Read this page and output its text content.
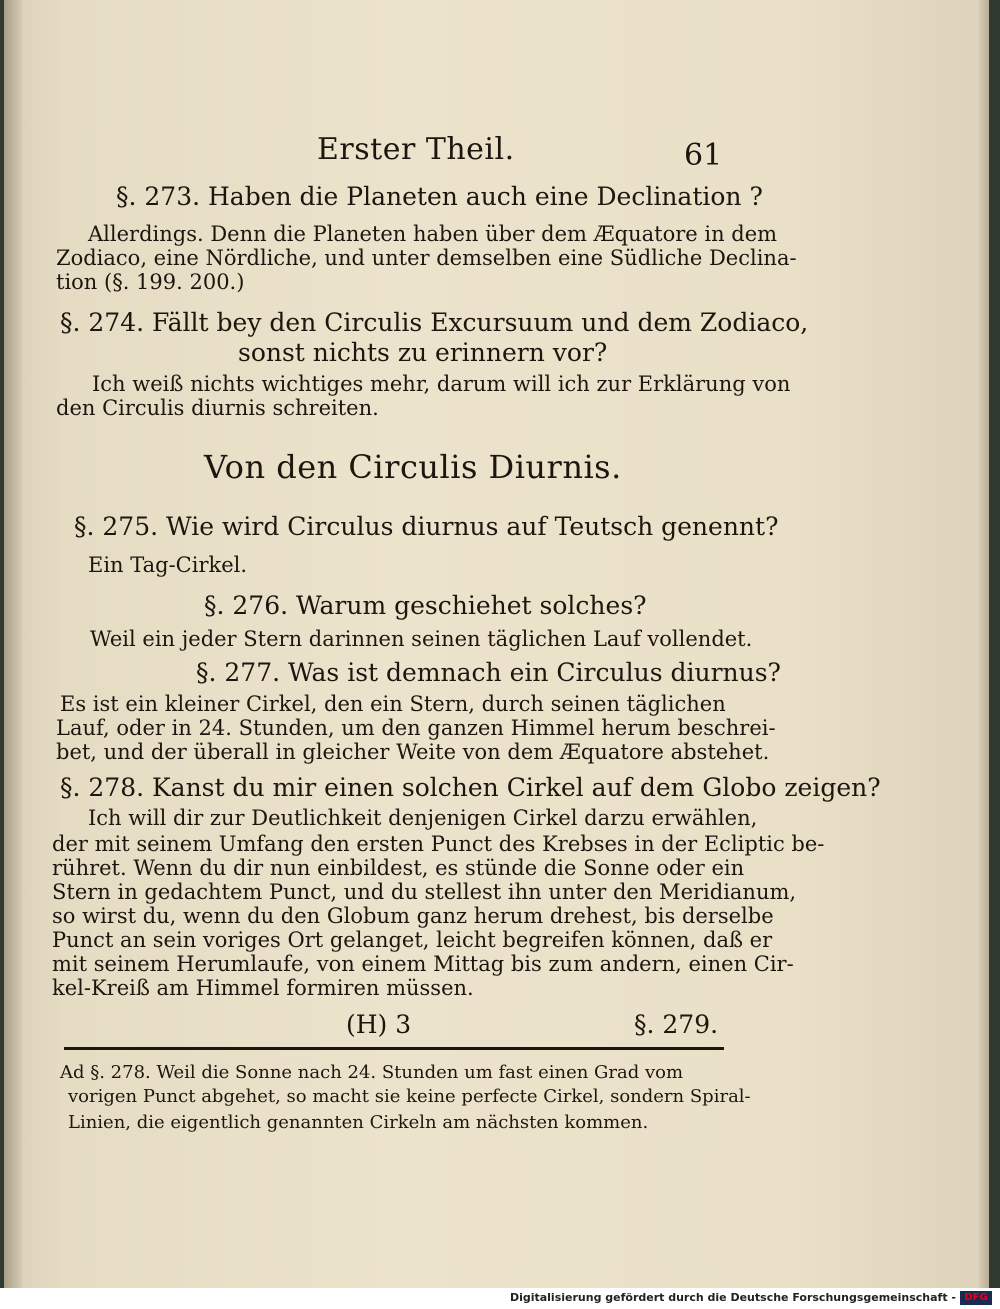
Erster Theil.	61
§. 273. Haben die Planeten auch eine Declination ?
Allerdings. Denn die Planeten haben über dem Æquatore in dem
Zodiaco, eine Nördliche, und unter demselben eine Südliche Declina-
tion (§. 199. 200.)
§. 274. Fällt bey den Circulis Excursuum und dem Zodiaco,
sonst nichts zu erinnern vor?
Ich weiß nichts wichtiges mehr, darum will ich zur Erklärung von
den Circulis diurnis schreiten.
Von den Circulis Diurnis.
§. 275. Wie wird Circulus diurnus auf Teutsch genennt?
Ein Tag-Cirkel.
§. 276. Warum geschiehet solches?
Weil ein jeder Stern darinnen seinen täglichen Lauf vollendet.
§. 277. Was ist demnach ein Circulus diurnus?
Es ist ein kleiner Cirkel, den ein Stern, durch seinen täglichen
Lauf, oder in 24. Stunden, um den ganzen Himmel herum beschrei-
bet, und der überall in gleicher Weite von dem Æquatore abstehet.
§. 278. Kanst du mir einen solchen Cirkel auf dem Globo zeigen?
Ich will dir zur Deutlichkeit denjenigen Cirkel darzu erwählen,
der mit seinem Umfang den ersten Punct des Krebses in der Ecliptic be-
rühret. Wenn du dir nun einbildest, es stünde die Sonne oder ein
Stern in gedachtem Punct, und du stellest ihn unter den Meridianum,
so wirst du, wenn du den Globum ganz herum drehest, bis derselbe
Punct an sein voriges Ort gelanget, leicht begreifen können, daß er
mit seinem Herumlaufe, von einem Mittag bis zum andern, einen Cir-
kel-Kreiß am Himmel formiren müssen.
(H) 3	§. 279.
Ad §. 278. Weil die Sonne nach 24. Stunden um fast einen Grad vom
vorigen Punct abgehet, so macht sie keine perfecte Cirkel, sondern Spiral-
Linien, die eigentlich genannten Cirkeln am nächsten kommen.
Digitalisierung gefördert durch die Deutsche Forschungsgemeinschaft - DFG
